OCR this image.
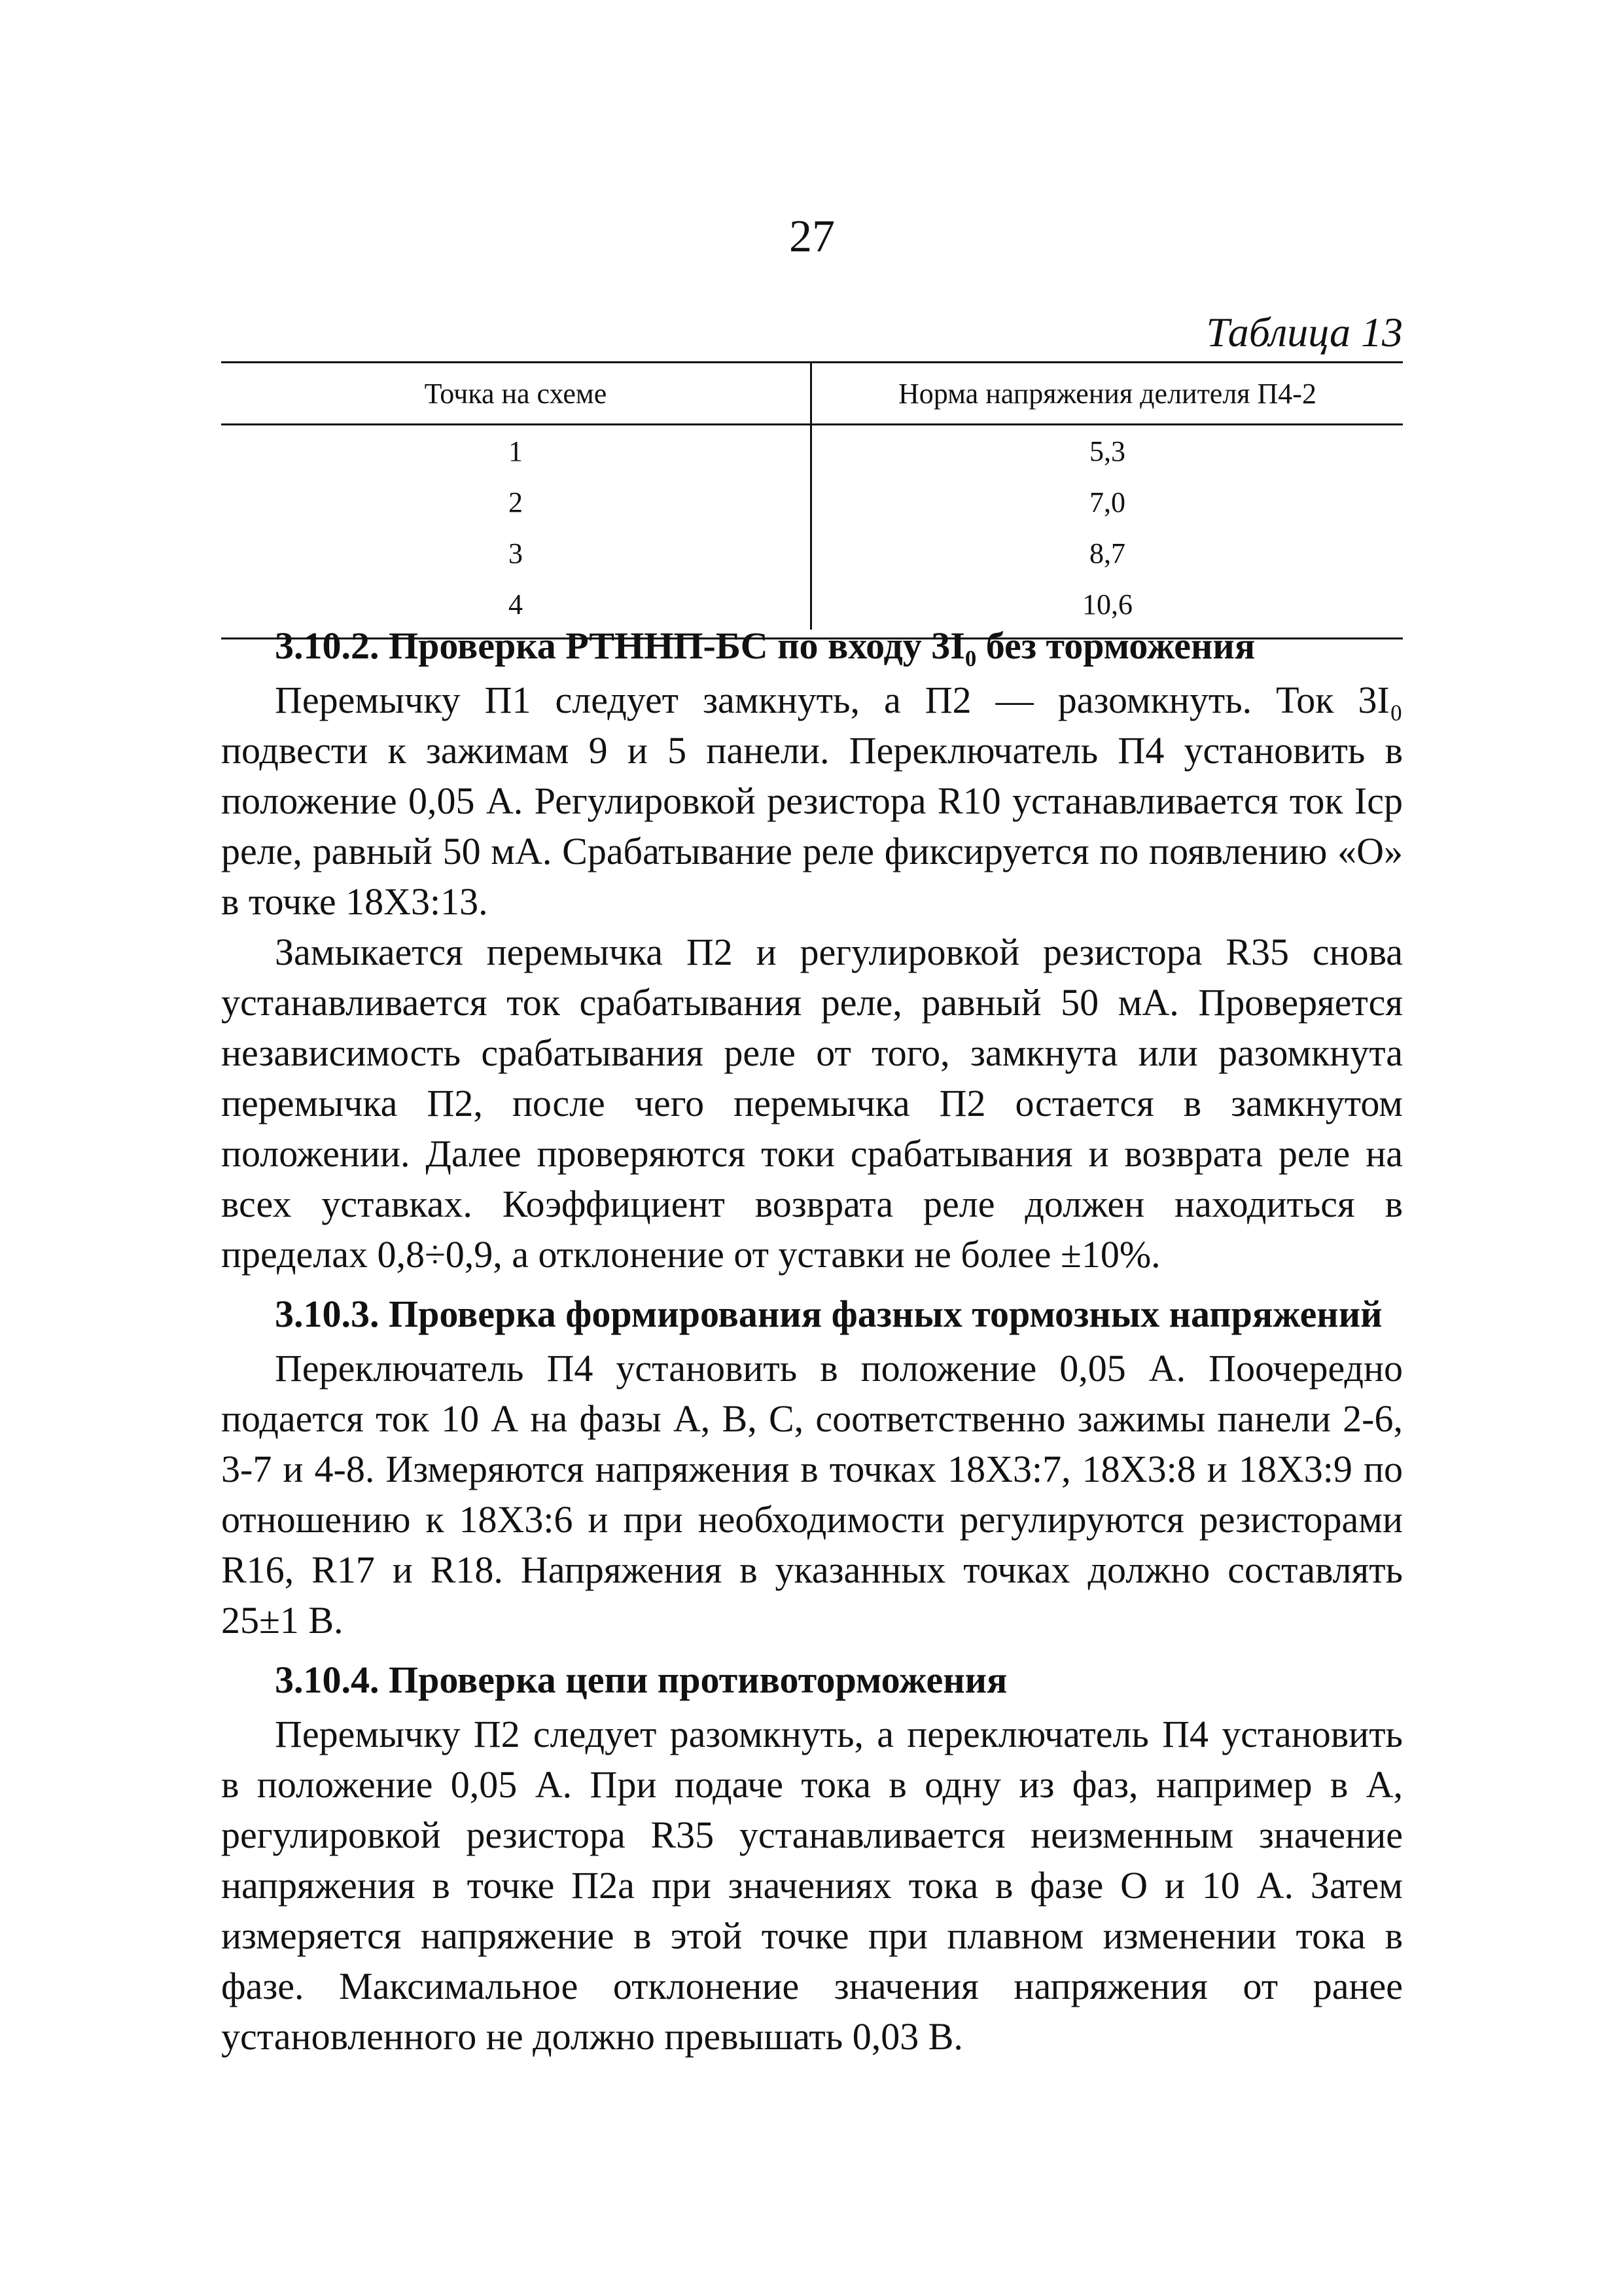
27
Таблица 13
Точка на схеме	Норма напряжения делителя П4-2
1	5,3
2	7,0
3	8,7
4	10,6

3.10.2. Проверка РТННП-БС по входу 3I₀ без торможения

Перемычку П1 следует замкнуть, а П2 — разомкнуть. Ток 3I₀ подвести к зажимам 9 и 5 панели. Переключатель П4 установить в положение 0,05 А. Регулировкой резистора R10 устанавливается ток Iср реле, равный 50 мА. Срабатывание реле фиксируется по появлению «О» в точке 18Х3:13.

Замыкается перемычка П2 и регулировкой резистора R35 снова устанавливается ток срабатывания реле, равный 50 мА. Проверяется независимость срабатывания реле от того, замкнута или разомкнута перемычка П2, после чего перемычка П2 остается в замкнутом положении. Далее проверяются токи срабатывания и возврата реле на всех уставках. Коэффициент возврата реле должен находиться в пределах 0,8÷0,9, а отклонение от уставки не более ±10%.

3.10.3. Проверка формирования фазных тормозных напряжений

Переключатель П4 установить в положение 0,05 А. Поочередно подается ток 10 А на фазы А, В, С, соответственно зажимы панели 2-6, 3-7 и 4-8. Измеряются напряжения в точках 18Х3:7, 18Х3:8 и 18Х3:9 по отношению к 18Х3:6 и при необходимости регулируются резисторами R16, R17 и R18. Напряжения в указанных точках должно составлять 25±1 В.

3.10.4. Проверка цепи противоторможения

Перемычку П2 следует разомкнуть, а переключатель П4 установить в положение 0,05 А. При подаче тока в одну из фаз, например в А, регулировкой резистора R35 устанавливается неизменным значение напряжения в точке П2а при значениях тока в фазе О и 10 А. Затем измеряется напряжение в этой точке при плавном изменении тока в фазе. Максимальное отклонение значения напряжения от ранее установленного не должно превышать 0,03 В.
